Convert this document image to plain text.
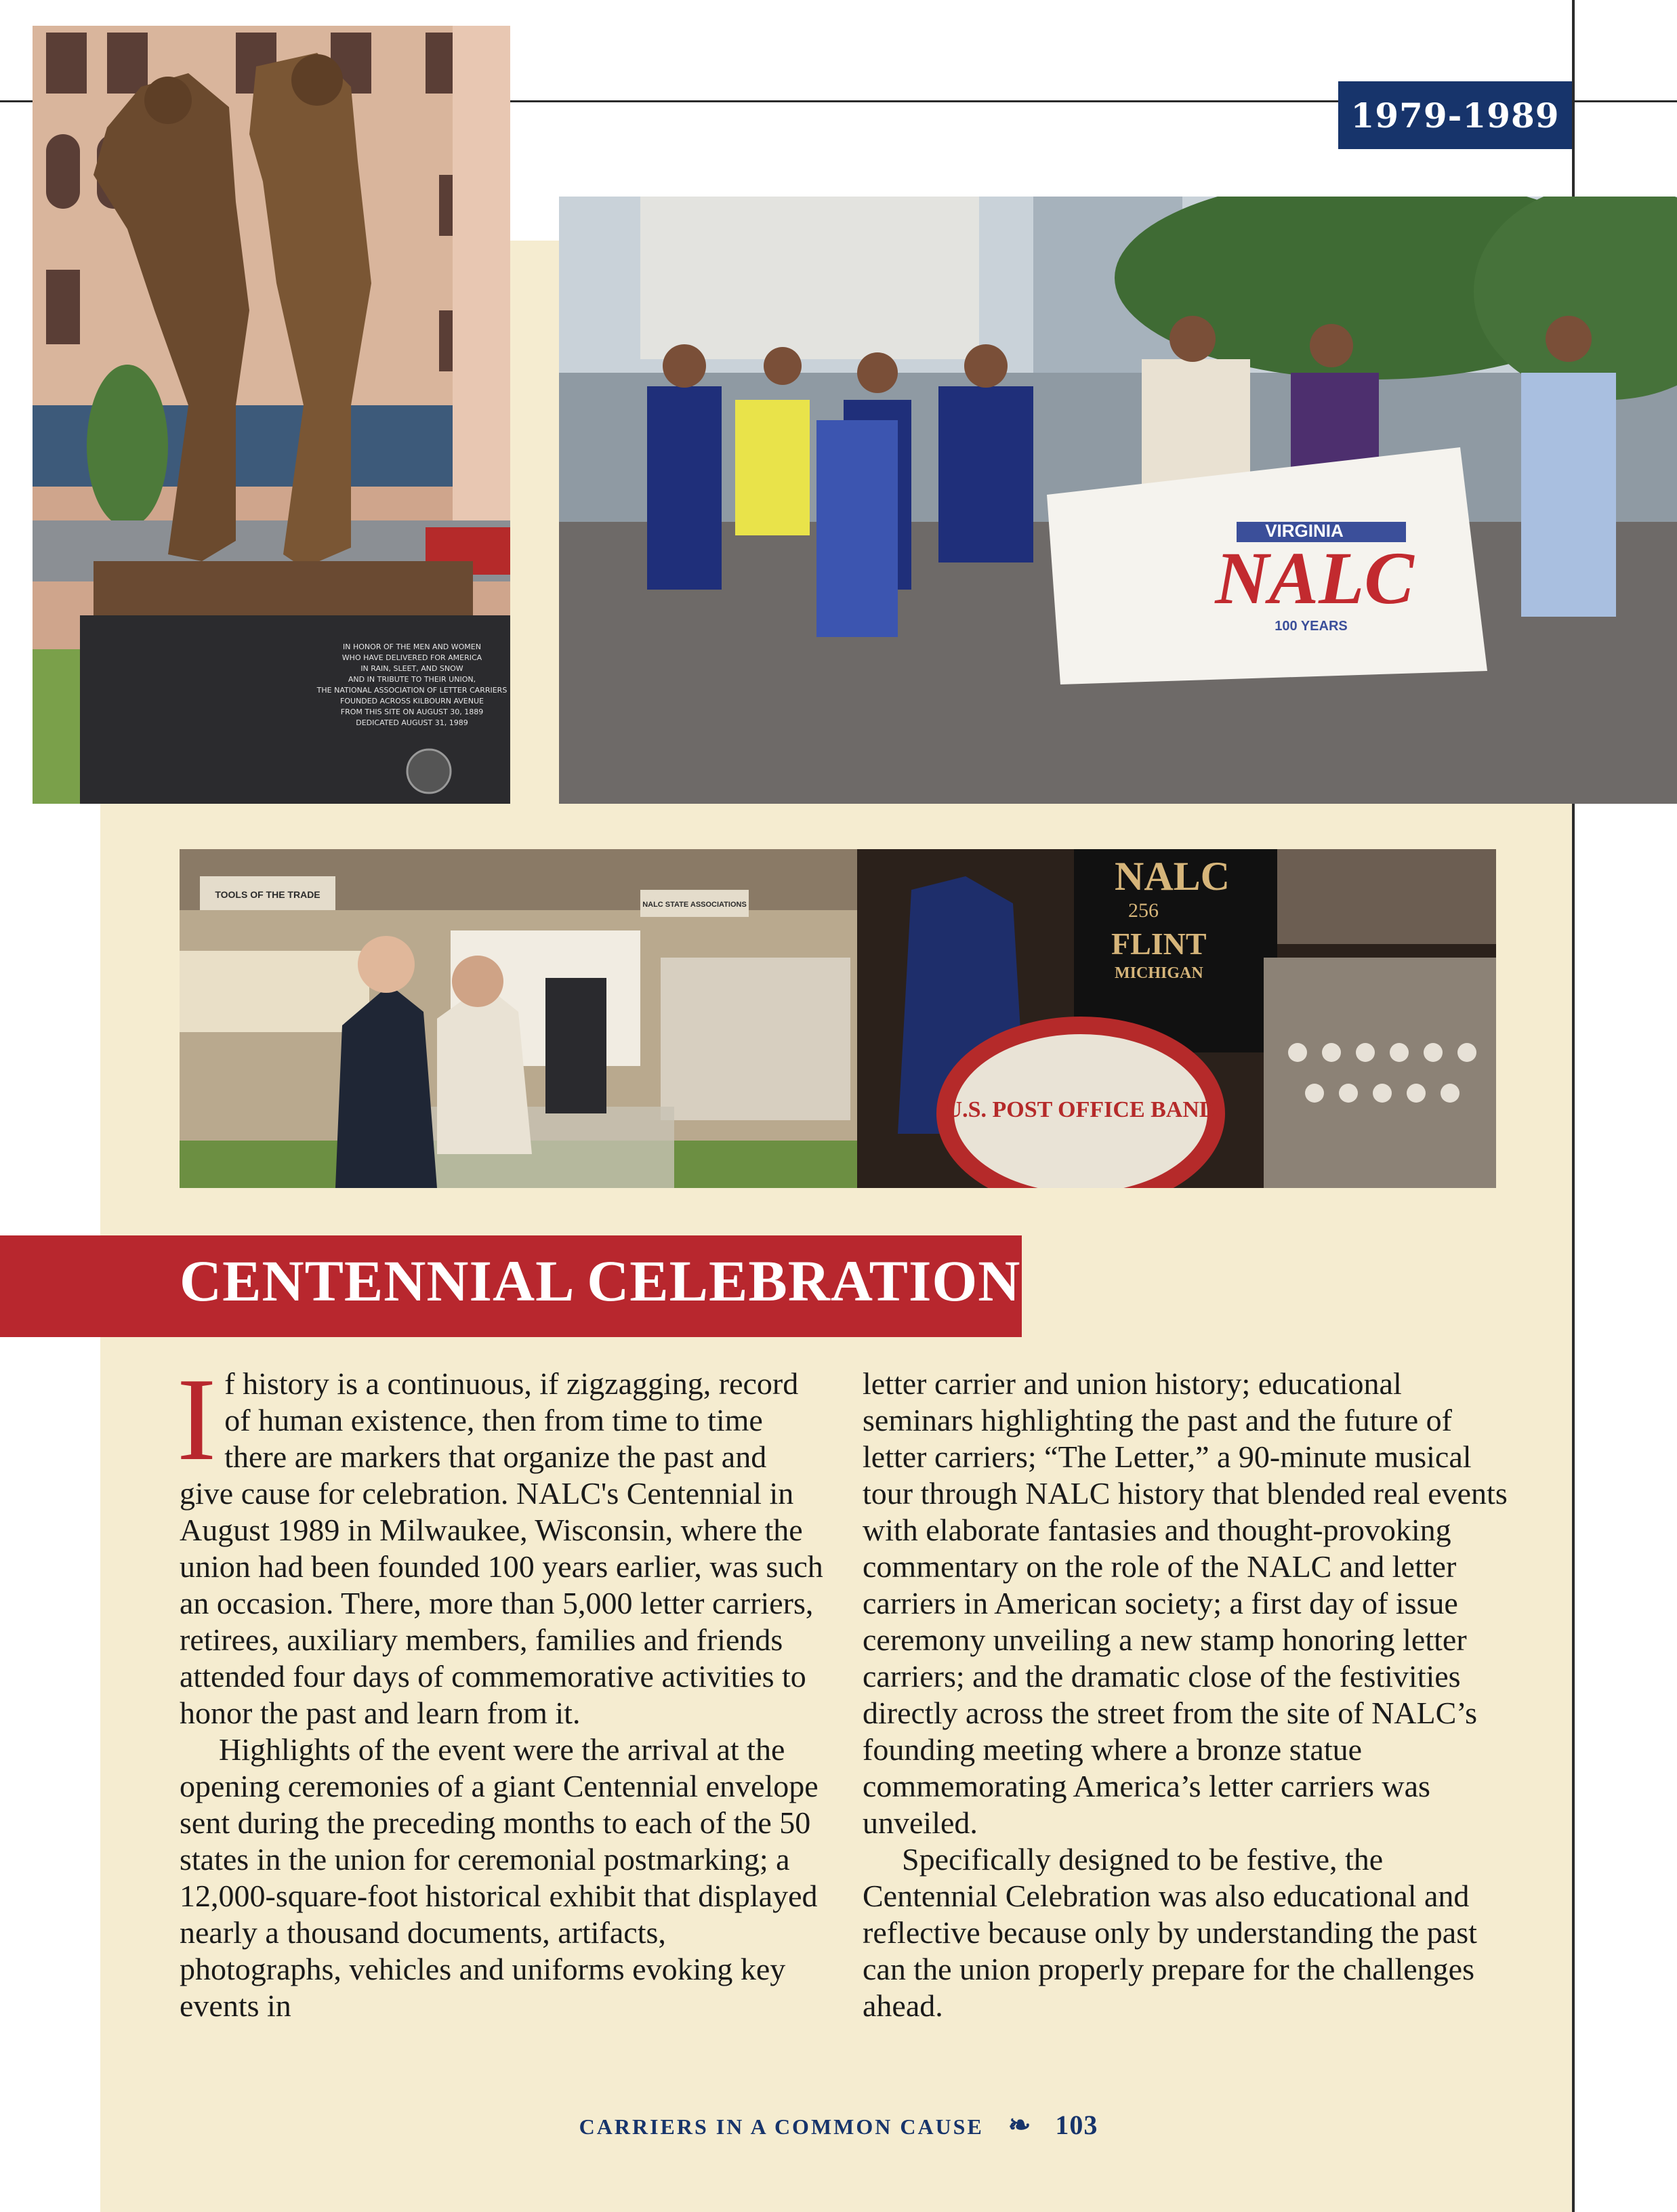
1979-1989
IN HONOR OF THE MEN AND WOMEN
WHO HAVE DELIVERED FOR AMERICA
IN RAIN, SLEET, AND SNOW
AND IN TRIBUTE TO THEIR UNION,
THE NATIONAL ASSOCIATION OF LETTER CARRIERS
FOUNDED ACROSS KILBOURN AVENUE
FROM THIS SITE ON AUGUST 30, 1889
DEDICATED AUGUST 31, 1989
VIRGINIA
NALC
100 YEARS
TOOLS OF THE TRADE
NALC STATE ASSOCIATIONS
NALC
256
FLINT
MICHIGAN
U.S. POST OFFICE BAND
CENTENNIAL CELEBRATION

If history is a continuous, if zigzagging, record of human existence, then from time to time there are markers that organize the past and give cause for celebration. NALC's Centennial in August 1989 in Milwaukee, Wisconsin, where the union had been founded 100 years earlier, was such an occasion. There, more than 5,000 letter carriers, retirees, auxiliary members, families and friends attended four days of commemorative activities to honor the past and learn from it.

Highlights of the event were the arrival at the opening ceremonies of a giant Centennial envelope sent during the preceding months to each of the 50 states in the union for ceremonial postmarking; a 12,000-square-foot historical exhibit that displayed nearly a thousand documents, artifacts, photographs, vehicles and uniforms evoking key events in

letter carrier and union history; educational seminars highlighting the past and the future of letter carriers; “The Letter,” a 90-minute musical tour through NALC history that blended real events with elaborate fantasies and thought-provoking commentary on the role of the NALC and letter carriers in American society; a first day of issue ceremony unveiling a new stamp honoring letter carriers; and the dramatic close of the festivities directly across the street from the site of NALC’s founding meeting where a bronze statue commemorating America’s letter carriers was unveiled.

Specifically designed to be festive, the Centennial Celebration was also educational and reflective because only by understanding the past can the union properly prepare for the challenges ahead.

CARRIERS IN A COMMON CAUSE ❧ 103
